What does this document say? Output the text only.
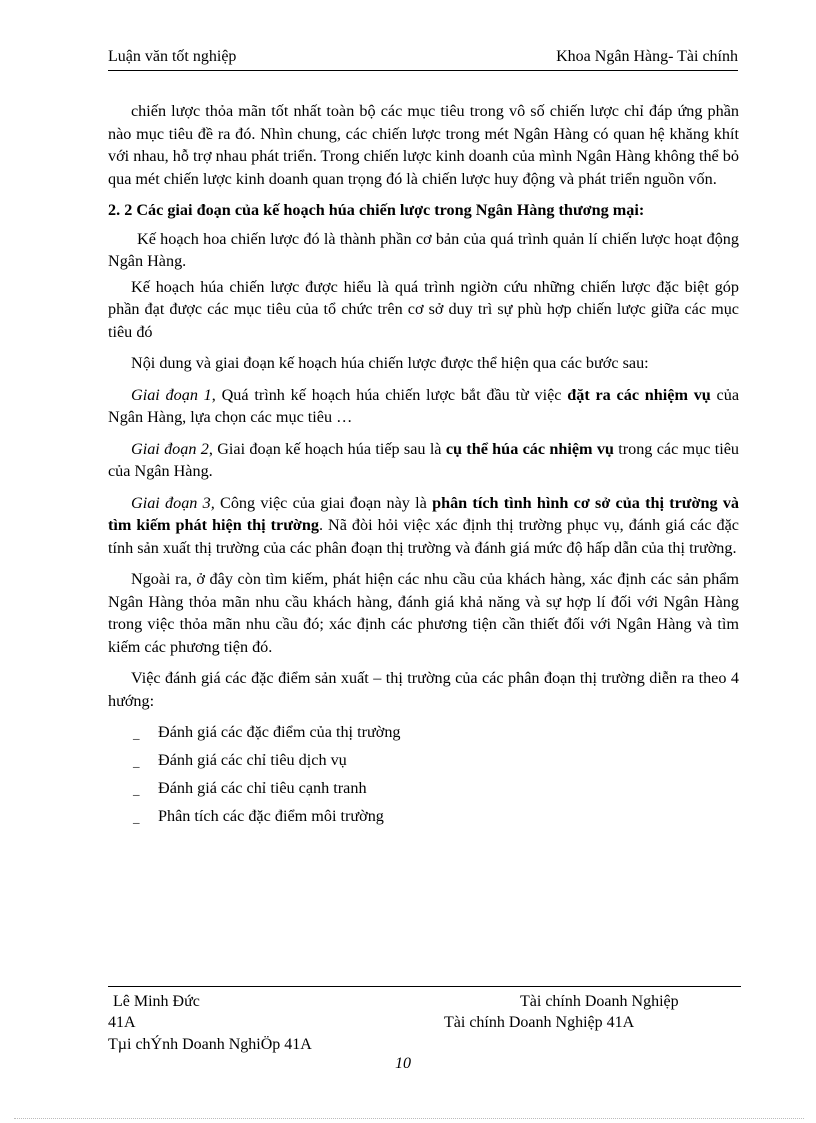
Luận văn tốt nghiệp	Khoa Ngân Hàng- Tài chính

chiến lược thỏa mãn tốt nhất toàn bộ các mục tiêu trong vô số chiến lược chỉ đáp ứng phần nào mục tiêu đề ra đó. Nhìn chung, các chiến lược trong mét Ngân Hàng có quan hệ khăng khít với nhau, hỗ trợ nhau phát triển. Trong chiến lược kinh doanh của mình Ngân Hàng không thể bỏ qua mét chiến lược kinh doanh quan trọng đó là chiến lược huy động và phát triển nguồn vốn.

2. 2 Các giai đoạn của kế hoạch húa chiến lược trong Ngân Hàng thương mại:

Kế hoạch hoa chiến lược đó là thành phần cơ bản của quá trình quản lí chiến lược hoạt động Ngân Hàng.

Kế hoạch húa chiến lược được hiểu là quá trình ngiờn cứu những chiến lược đặc biệt góp phần đạt được các mục tiêu của tổ chức trên cơ sở duy trì sự phù hợp chiến lược giữa các mục tiêu đó

Nội dung và giai đoạn kế hoạch húa chiến lược được thể hiện qua các bước sau:

Giai đoạn 1, Quá trình kế hoạch húa chiến lược bắt đầu từ việc đặt ra các nhiệm vụ của Ngân Hàng, lựa chọn các mục tiêu …

Giai đoạn 2, Giai đoạn kế hoạch húa tiếp sau là cụ thể húa các nhiệm vụ trong các mục tiêu của Ngân Hàng.

Giai đoạn 3, Công việc của giai đoạn này là phân tích tình hình cơ sở của thị trường và tìm kiếm phát hiện thị trường. Nã đòi hỏi việc xác định thị trường phục vụ, đánh giá các đặc tính sản xuất thị trường của các phân đoạn thị trường và đánh giá mức độ hấp dẫn của thị trường.

Ngoài ra, ở đây còn tìm kiếm, phát hiện các nhu cầu của khách hàng, xác định các sản phẩm Ngân Hàng thỏa mãn nhu cầu khách hàng, đánh giá khả năng và sự hợp lí đối với Ngân Hàng trong việc thỏa mãn nhu cầu đó; xác định các phương tiện cần thiết đối với Ngân Hàng và tìm kiếm các phương tiện đó.

Việc đánh giá các đặc điểm sản xuất – thị trường của các phân đoạn thị trường diễn ra theo 4 hướng:

_ Đánh giá các đặc điểm của thị trường
_ Đánh giá các chỉ tiêu dịch vụ
_ Đánh giá các chỉ tiêu cạnh tranh
_ Phân tích các đặc điểm môi trường
Lê Minh Đức	Tài chính Doanh Nghiệp
41A	Tài chính Doanh Nghiệp 41A
Tµi chÝnh Doanh NghiÖp 41A
10
